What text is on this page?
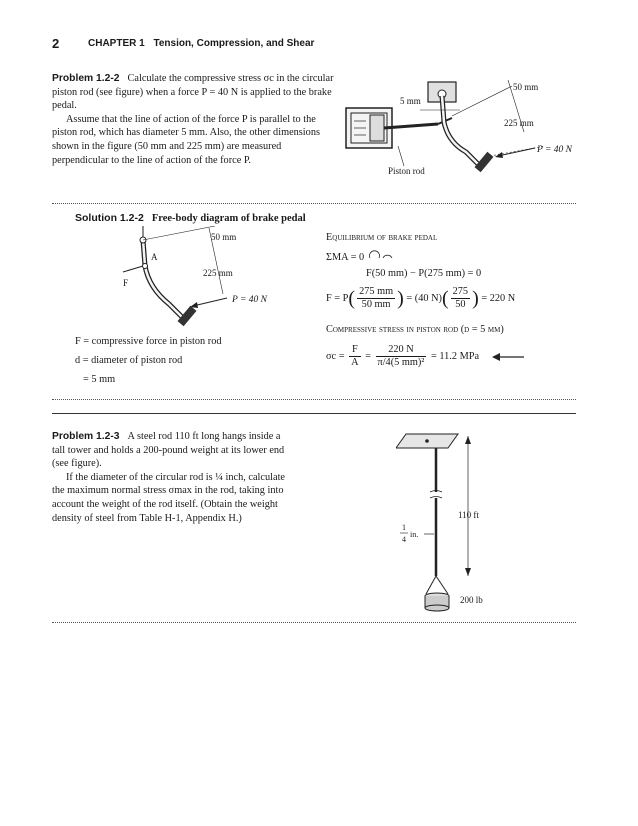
2	CHAPTER 1 Tension, Compression, and Shear
Problem 1.2-2 Calculate the compressive stress σc in the circular piston rod (see figure) when a force P = 40 N is applied to the brake pedal.
Assume that the line of action of the force P is parallel to the piston rod, which has diameter 5 mm. Also, the other dimensions shown in the figure (50 mm and 225 mm) are measured perpendicular to the line of action of the force P.
5 mm
50 mm
225 mm
P = 40 N
Piston rod
Solution 1.2-2 Free-body diagram of brake pedal
50 mm
225 mm
P = 40 N
A
F
F = compressive force in piston rod
d = diameter of piston rod
= 5 mm
Equilibrium of brake pedal
ΣMA = 0
F(50 mm) − P(275 mm) = 0
$F = P( \frac{275 mm}{50 mm}$ ) = (40 $N)( \frac{275}{50}$ ) = 220 N
Compressive stress in piston rod (d = 5 mm)
$\sigma c = \frac{F}{A} = \frac{220 N}{\text{π/4(5 mm)²}} = 11.2$ MPa
Problem 1.2-3 A steel rod 110 ft long hangs inside a tall tower and holds a 200-pound weight at its lower end (see figure).
If the diameter of the circular rod is ¼ inch, calculate the maximum normal stress σmax in the rod, taking into account the weight of the rod itself. (Obtain the weight density of steel from Table H-1, Appendix H.)	110 ft
1
4
in.
200 lb
